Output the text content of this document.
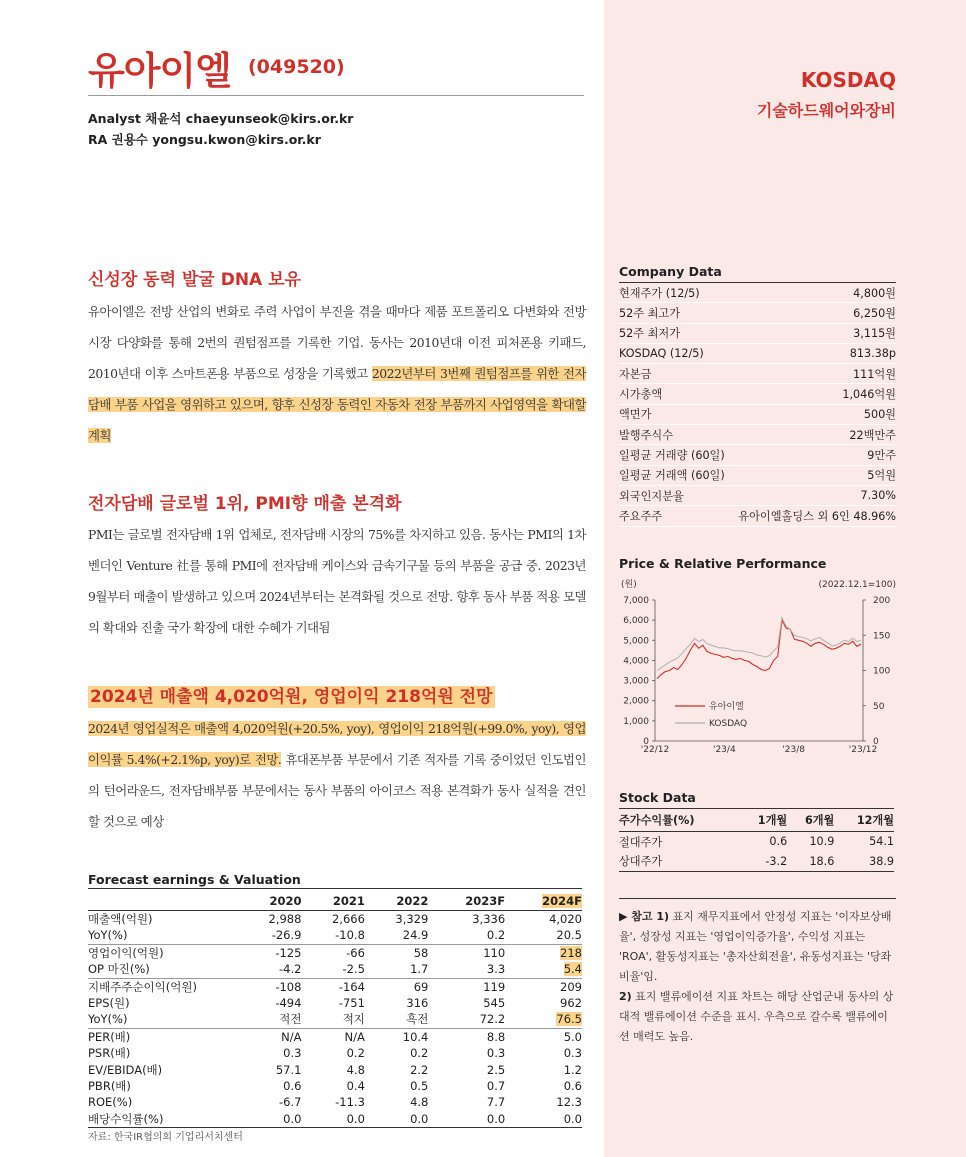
유아이엘 (049520)
Analyst 채윤석 chaeyunseok@kirs.or.kr
RA 권용수 yongsu.kwon@kirs.or.kr
KOSDAQ
기술하드웨어와장비
신성장 동력 발굴 DNA 보유
유아이엘은 전방 산업의 변화로 주력 사업이 부진을 겪을 때마다 제품 포트폴리오 다변화와 전방 시장 다양화를 통해 2번의 퀀텀점프를 기록한 기업. 동사는 2010년대 이전 피처폰용 키패드, 2010년대 이후 스마트폰용 부품으로 성장을 기록했고 2022년부터 3번째 퀀텀점프를 위한 전자담배 부품 사업을 영위하고 있으며, 향후 신성장 동력인 자동차 전장 부품까지 사업영역을 확대할 계획
전자담배 글로벌 1위, PMI향 매출 본격화
PMI는 글로벌 전자담배 1위 업체로, 전자담배 시장의 75%를 차지하고 있음. 동사는 PMI의 1차 벤더인 Venture 社를 통해 PMI에 전자담배 케이스와 금속기구물 등의 부품을 공급 중. 2023년 9월부터 매출이 발생하고 있으며 2024년부터는 본격화될 것으로 전망. 향후 동사 부품 적용 모델의 확대와 진출 국가 확장에 대한 수혜가 기대됨
2024년 매출액 4,020억원, 영업이익 218억원 전망
2024년 영업실적은 매출액 4,020억원(+20.5%, yoy), 영업이익 218억원(+99.0%, yoy), 영업이익률 5.4%(+2.1%p, yoy)로 전망. 휴대폰부품 부문에서 기존 적자를 기록 중이었던 인도법인의 턴어라운드, 전자담배부품 부문에서는 동사 부품의 아이코스 적용 본격화가 동사 실적을 견인할 것으로 예상
Forecast earnings & Valuation
	2020	2021	2022	2023F	2024F
매출액(억원)	2,988	2,666	3,329	3,336	4,020
YoY(%)	-26.9	-10.8	24.9	0.2	20.5
영업이익(억원)	-125	-66	58	110	218
OP 마진(%)	-4.2	-2.5	1.7	3.3	5.4
지배주주순이익(억원)	-108	-164	69	119	209
EPS(원)	-494	-751	316	545	962
YoY(%)	적전	적지	흑전	72.2	76.5
PER(배)	N/A	N/A	10.4	8.8	5.0
PSR(배)	0.3	0.2	0.2	0.3	0.3
EV/EBIDA(배)	57.1	4.8	2.2	2.5	1.2
PBR(배)	0.6	0.4	0.5	0.7	0.6
ROE(%)	-6.7	-11.3	4.8	7.7	12.3
배당수익률(%)	0.0	0.0	0.0	0.0	0.0
자료: 한국IR협의회 기업리서치센터
Company Data
현재주가 (12/5)	4,800원
52주 최고가	6,250원
52주 최저가	3,115원
KOSDAQ (12/5)	813.38p
자본금	111억원
시가총액	1,046억원
액면가	500원
발행주식수	22백만주
일평균 거래량 (60일)	9만주
일평균 거래액 (60일)	5억원
외국인지분율	7.30%
주요주주	유아이엘홀딩스 외 6인 48.96%
Price & Relative Performance
(원)	(2022.12.1=100)
0
1,000
2,000
3,000
4,000
5,000
6,000
7,000
0
50
100
150
200
'22/12	'23/4	'23/8	'23/12
유아이엘
KOSDAQ
Stock Data
주가수익률(%)	1개월	6개월	12개월
절대주가	0.6	10.9	54.1
상대주가	-3.2	18.6	38.9
▶ 참고 1) 표지 재무지표에서 안정성 지표는 '이자보상배율', 성장성 지표는 '영업이익증가율', 수익성 지표는 'ROA', 활동성지표는 '총자산회전율', 유동성지표는 '당좌비율'임.
2) 표지 밸류에이션 지표 차트는 해당 산업군내 동사의 상대적 밸류에이션 수준을 표시. 우측으로 갈수록 밸류에이션 매력도 높음.
